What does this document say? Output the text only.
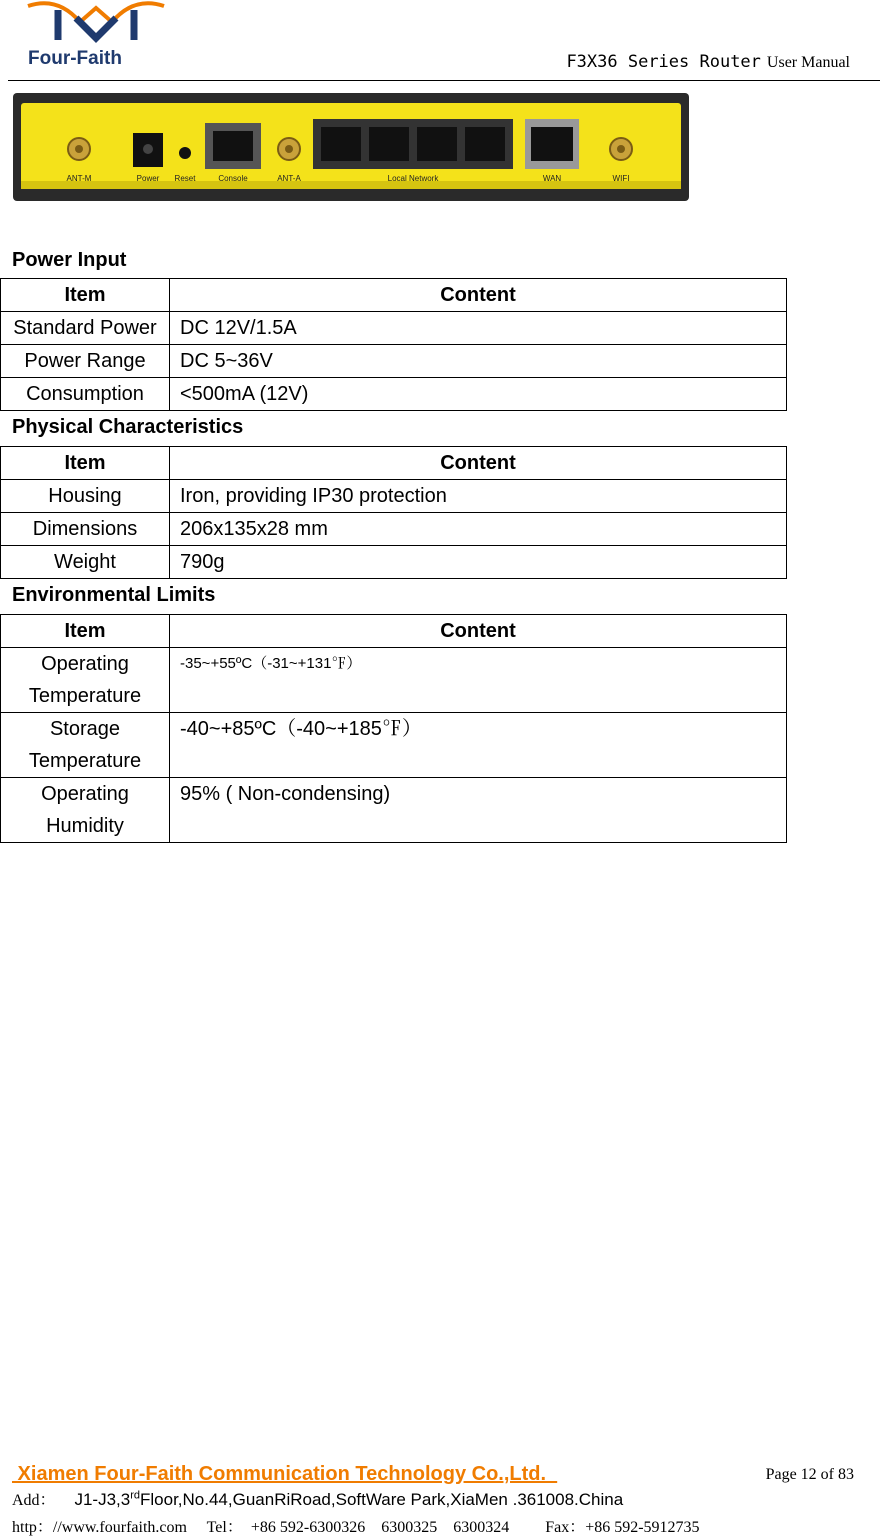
Four-Faith	F3X36 Series Router User Manual
ANT-M	Power Reset	Console	ANT-A	Local Network	WAN	WIFI
Power Input
Item	Content
Standard Power	DC 12V/1.5A
Power Range	DC 5~36V
Consumption	<500mA (12V)
Physical Characteristics
Item	Content
Housing	Iron, providing IP30 protection
Dimensions	206x135x28 mm
Weight	790g
Environmental Limits
Item	Content
Operating Temperature	-35~+55ºC（-31~+131℉）
Storage Temperature	-40~+85ºC（-40~+185℉）
Operating Humidity	95% ( Non-condensing)
Xiamen Four-Faith Communication Technology Co.,Ltd.	Page 12 of 83
Add： J1-J3,3rdFloor,No.44,GuanRiRoad,SoftWare Park,XiaMen .361008.China
http：//www.fourfaith.com     Tel：  +86 592-6300326    6300325    6300324         Fax：+86 592-5912735
